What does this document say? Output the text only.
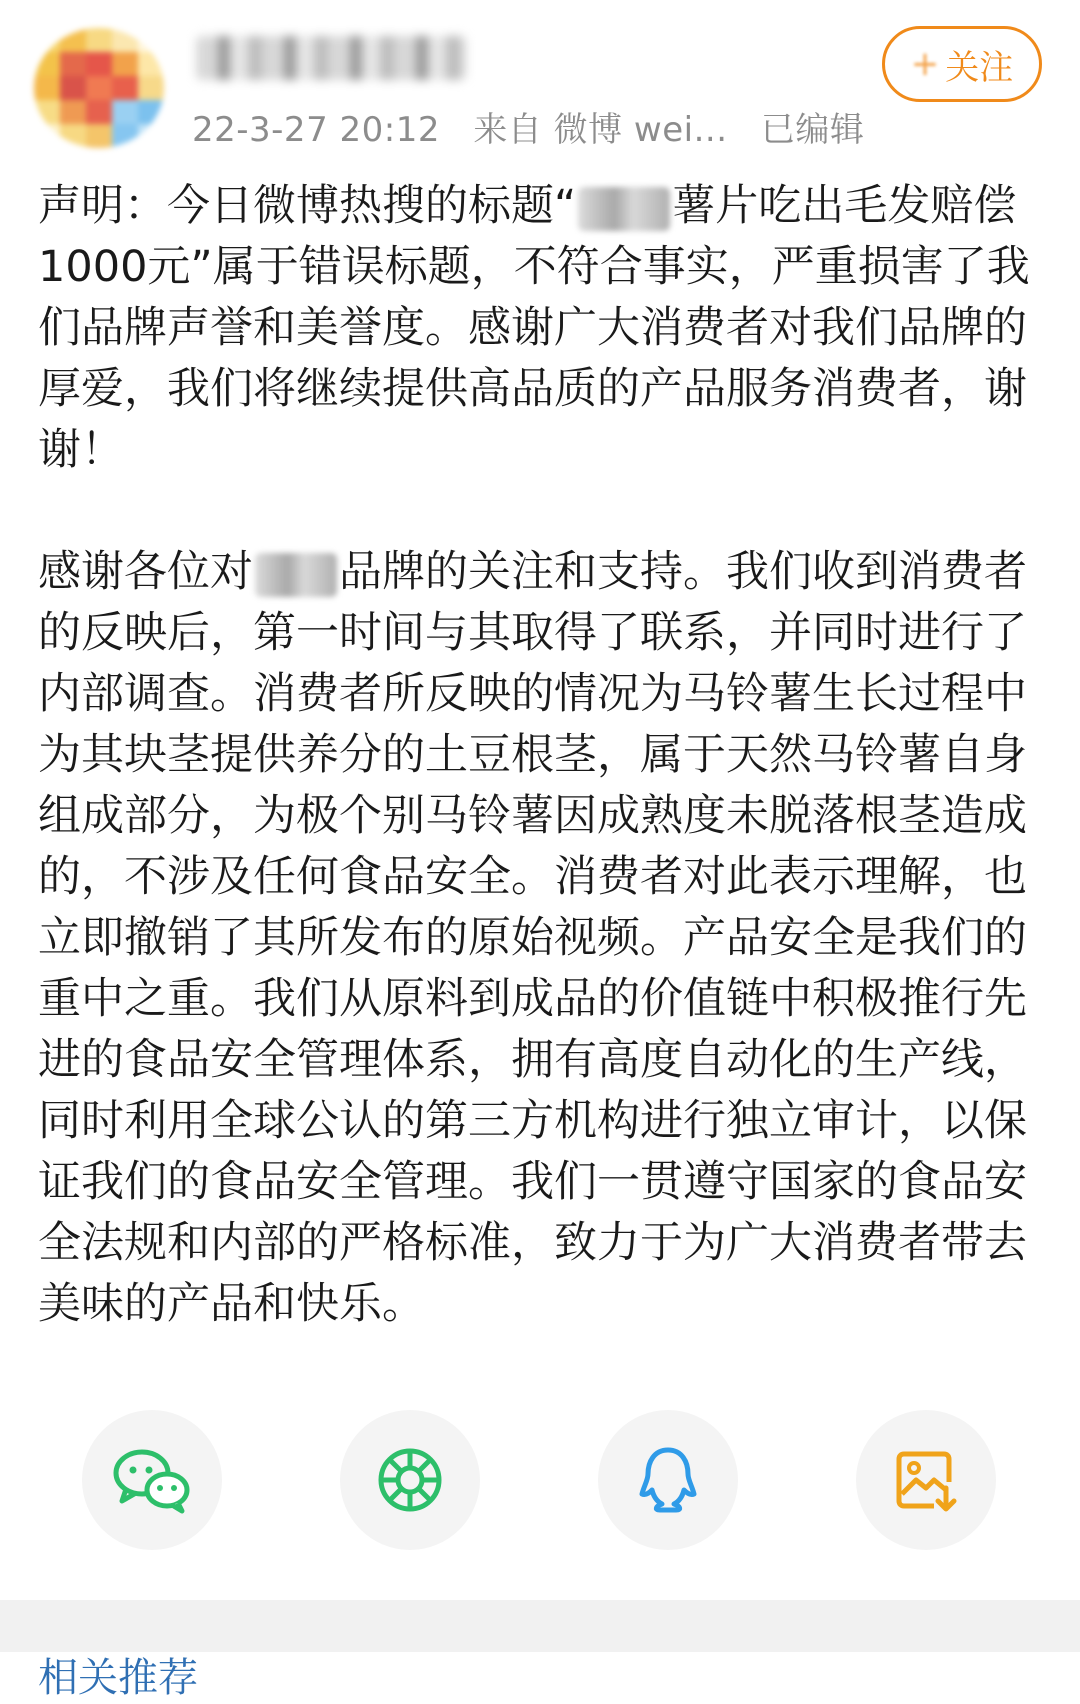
22-3-27 20:12 来自 微博 wei... 已编辑
+ 关注

声明：今日微博热搜的标题“ 薯片吃出毛发赔偿1000元”属于错误标题，不符合事实，严重损害了我们品牌声誉和美誉度。感谢广大消费者对我们品牌的厚爱，我们将继续提供高品质的产品服务消费者，谢谢！

感谢各位对 品牌的关注和支持。我们收到消费者的反映后，第一时间与其取得了联系，并同时进行了内部调查。消费者所反映的情况为马铃薯生长过程中为其块茎提供养分的土豆根茎，属于天然马铃薯自身组成部分，为极个别马铃薯因成熟度未脱落根茎造成的，不涉及任何食品安全。消费者对此表示理解，也立即撤销了其所发布的原始视频。产品安全是我们的重中之重。我们从原料到成品的价值链中积极推行先进的食品安全管理体系，拥有高度自动化的生产线，同时利用全球公认的第三方机构进行独立审计，以保证我们的食品安全管理。我们一贯遵守国家的食品安全法规和内部的严格标准，致力于为广大消费者带去美味的产品和快乐。

相关推荐
